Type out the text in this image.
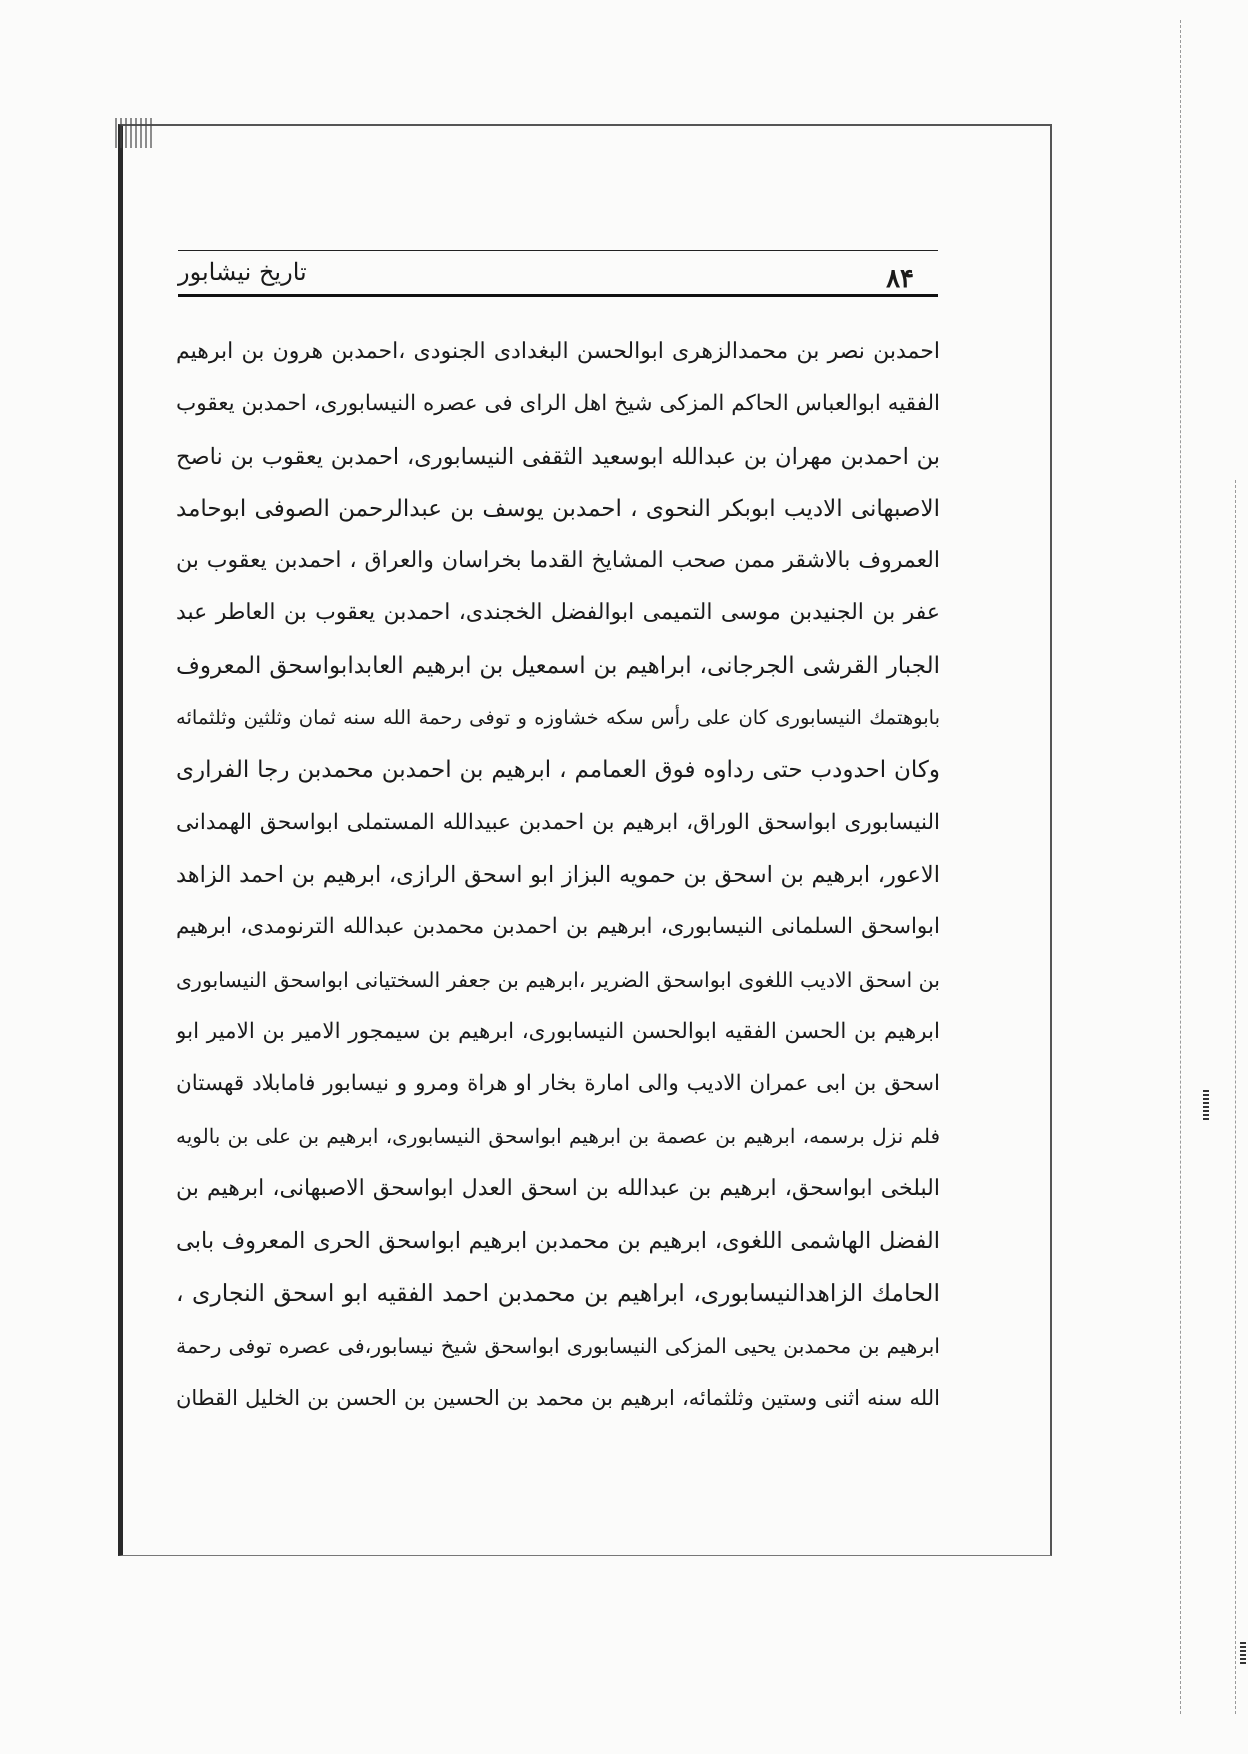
تاريخ نيشابور	۸۴
احمدبن نصر بن محمدالزهری ابوالحسن البغدادی الجنودی ،احمدبن هرون بن ابرهیم
الفقیه ابوالعباس الحاکم المزکی شیخ اهل الرای فی عصره النیسابوری، احمدبن یعقوب
بن احمدبن مهران بن عبدالله ابوسعید الثقفی النیسابوری، احمدبن یعقوب بن ناصح
الاصبهانی الادیب ابوبکر النحوی ، احمدبن یوسف بن عبدالرحمن الصوفی ابوحامد
العمروف بالاشقر ممن صحب المشایخ القدما بخراسان والعراق ، احمدبن یعقوب بن
عفر بن الجنیدبن موسی التمیمی ابوالفضل الخجندی، احمدبن یعقوب بن العاطر عبد
الجبار القرشی الجرجانی، ابراهیم بن اسمعیل بن ابرهیم العابدابواسحق المعروف
بابوهتمك النیسابوری کان علی رأس سکه خشاوزه و توفی رحمة الله سنه ثمان وثلثین وثلثمائه
وکان احدودب حتی رداوه فوق العمامم ، ابرهیم بن احمدبن محمدبن رجا الفراری
النیسابوری ابواسحق الوراق، ابرهیم بن احمدبن عبیدالله المستملی ابواسحق الهمدانی
الاعور، ابرهیم بن اسحق بن حمویه البزاز ابو اسحق الرازی، ابرهیم بن احمد الزاهد
ابواسحق السلمانی النیسابوری، ابرهیم بن احمدبن محمدبن عبدالله الترنومدی، ابرهیم
بن اسحق الادیب اللغوی ابواسحق الضریر ،ابرهیم بن جعفر السختیانی ابواسحق النیسابوری
ابرهیم بن الحسن الفقیه ابوالحسن النیسابوری، ابرهیم بن سیمجور الامیر بن الامیر ابو
اسحق بن ابی عمران الادیب والی امارة بخار او هراة ومرو و نیسابور فامابلاد قهستان
فلم نزل برسمه، ابرهیم بن عصمة بن ابرهیم ابواسحق النیسابوری، ابرهیم بن علی بن بالویه
البلخی ابواسحق، ابرهیم بن عبدالله بن اسحق العدل ابواسحق الاصبهانی، ابرهیم بن
الفضل الهاشمی اللغوی، ابرهیم بن محمدبن ابرهیم ابواسحق الحری المعروف بابی
الحامك الزاهدالنیسابوری، ابراهیم بن محمدبن احمد الفقیه ابو اسحق النجاری ،
ابرهیم بن محمدبن یحیی المزکی النیسابوری ابواسحق شیخ نیسابور،فی عصره توفی رحمة
الله سنه اثنی وستین وثلثمائه، ابرهیم بن محمد بن الحسین بن الحسن بن الخلیل القطان
